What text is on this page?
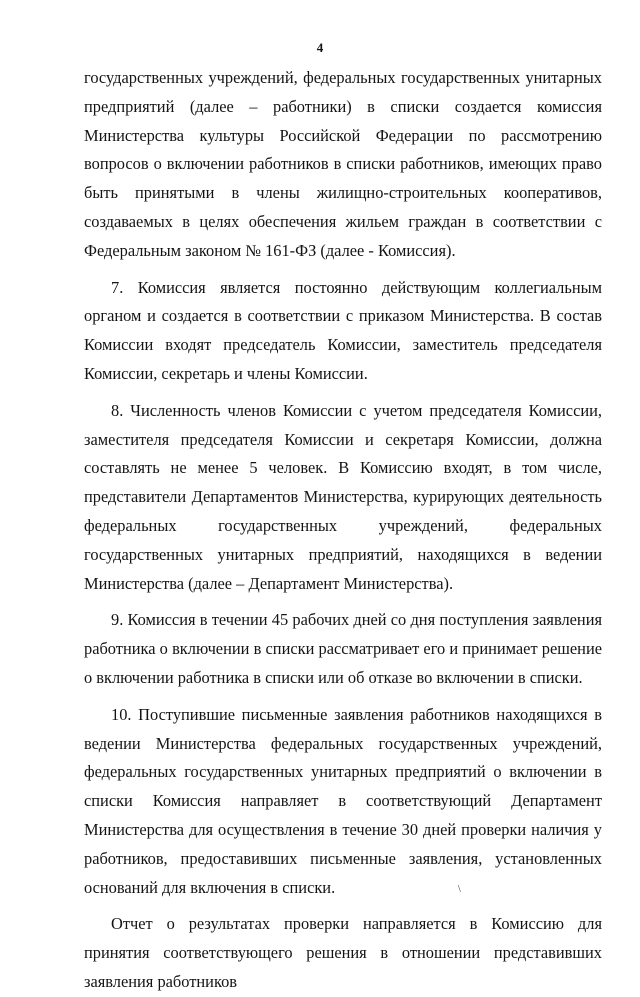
4

государственных учреждений, федеральных государственных унитарных предприятий (далее – работники) в списки создается комиссия Министерства культуры Российской Федерации по рассмотрению вопросов о включении работников в списки работников, имеющих право быть принятыми в члены жилищно-строительных кооперативов, создаваемых в целях обеспечения жильем граждан в соответствии с Федеральным законом № 161-ФЗ (далее - Комиссия).

7. Комиссия является постоянно действующим коллегиальным органом и создается в соответствии с приказом Министерства. В состав Комиссии входят председатель Комиссии, заместитель председателя Комиссии, секретарь и члены Комиссии.

8. Численность членов Комиссии с учетом председателя Комиссии, заместителя председателя Комиссии и секретаря Комиссии, должна составлять не менее 5 человек. В Комиссию входят, в том числе, представители Департаментов Министерства, курирующих деятельность федеральных государственных учреждений, федеральных государственных унитарных предприятий, находящихся в ведении Министерства (далее – Департамент Министерства).

9. Комиссия в течении 45 рабочих дней со дня поступления заявления работника о включении в списки рассматривает его и принимает решение о включении работника в списки или об отказе во включении в списки.

10. Поступившие письменные заявления работников находящихся в ведении Министерства федеральных государственных учреждений, федеральных государственных унитарных предприятий о включении в списки Комиссия направляет в соответствующий Департамент Министерства для осуществления в течение 30 дней проверки наличия у работников, предоставивших письменные заявления, установленных оснований для включения в списки.

Отчет о результатах проверки направляется в Комиссию для принятия соответствующего решения в отношении представивших заявления работников

\
